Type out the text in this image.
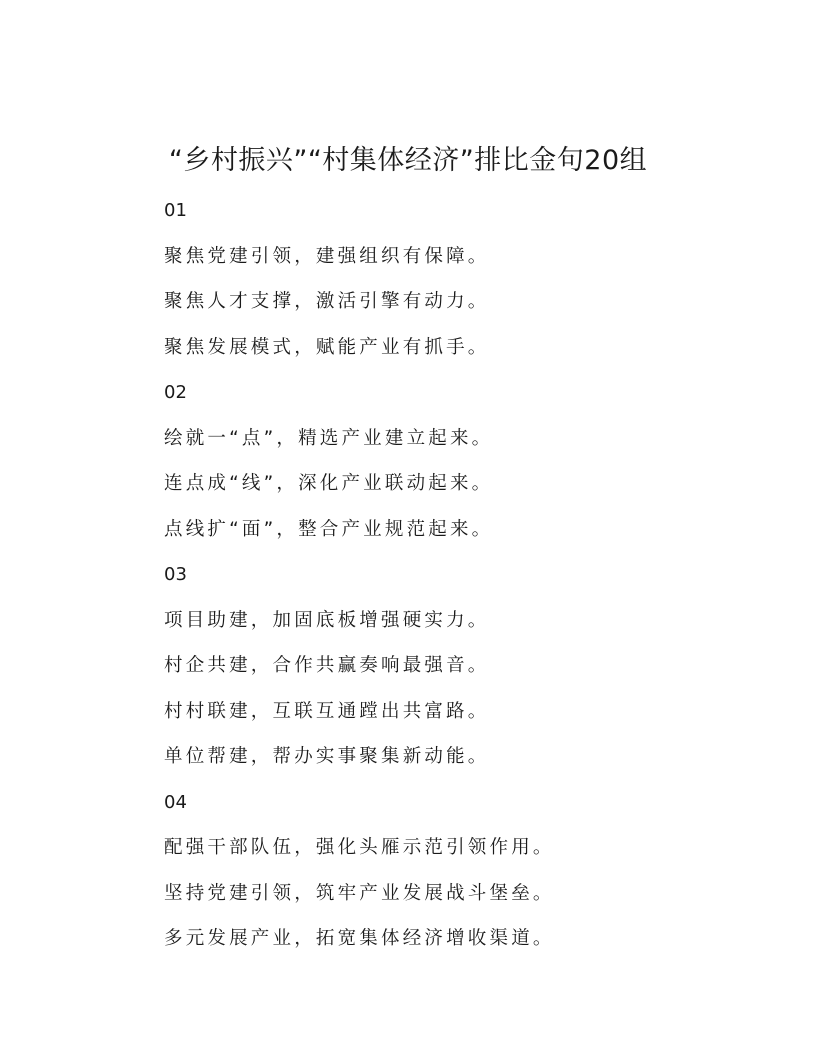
“乡村振兴”“村集体经济”排比金句20组
01
聚焦党建引领，建强组织有保障。
聚焦人才支撑，激活引擎有动力。
聚焦发展模式，赋能产业有抓手。
02
绘就一“点”，精选产业建立起来。
连点成“线”，深化产业联动起来。
点线扩“面”，整合产业规范起来。
03
项目助建，加固底板增强硬实力。
村企共建，合作共赢奏响最强音。
村村联建，互联互通蹚出共富路。
单位帮建，帮办实事聚集新动能。
04
配强干部队伍，强化头雁示范引领作用。
坚持党建引领，筑牢产业发展战斗堡垒。
多元发展产业，拓宽集体经济增收渠道。
